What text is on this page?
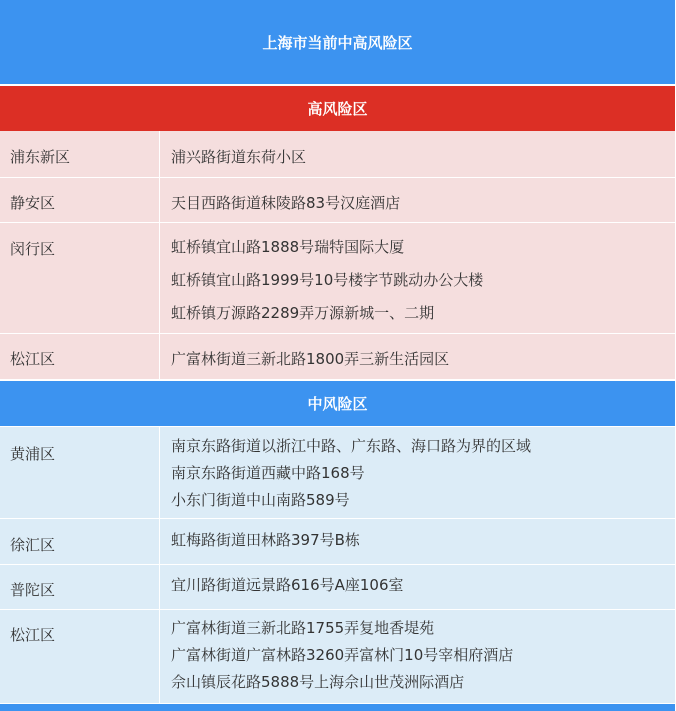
上海市当前中高风险区
高风险区
浦东新区	浦兴路街道东荷小区
静安区	天目西路街道秣陵路83号汉庭酒店
闵行区	虹桥镇宜山路1888号瑞特国际大厦
虹桥镇宜山路1999号10号楼字节跳动办公大楼
虹桥镇万源路2289弄万源新城一、二期
松江区	广富林街道三新北路1800弄三新生活园区
中风险区
黄浦区	南京东路街道以浙江中路、广东路、海口路为界的区域
南京东路街道西藏中路168号
小东门街道中山南路589号
徐汇区	虹梅路街道田林路397号B栋
普陀区	宜川路街道远景路616号A座106室
松江区	广富林街道三新北路1755弄复地香堤苑
广富林街道广富林路3260弄富林门10号宰相府酒店
佘山镇辰花路5888号上海佘山世茂洲际酒店
